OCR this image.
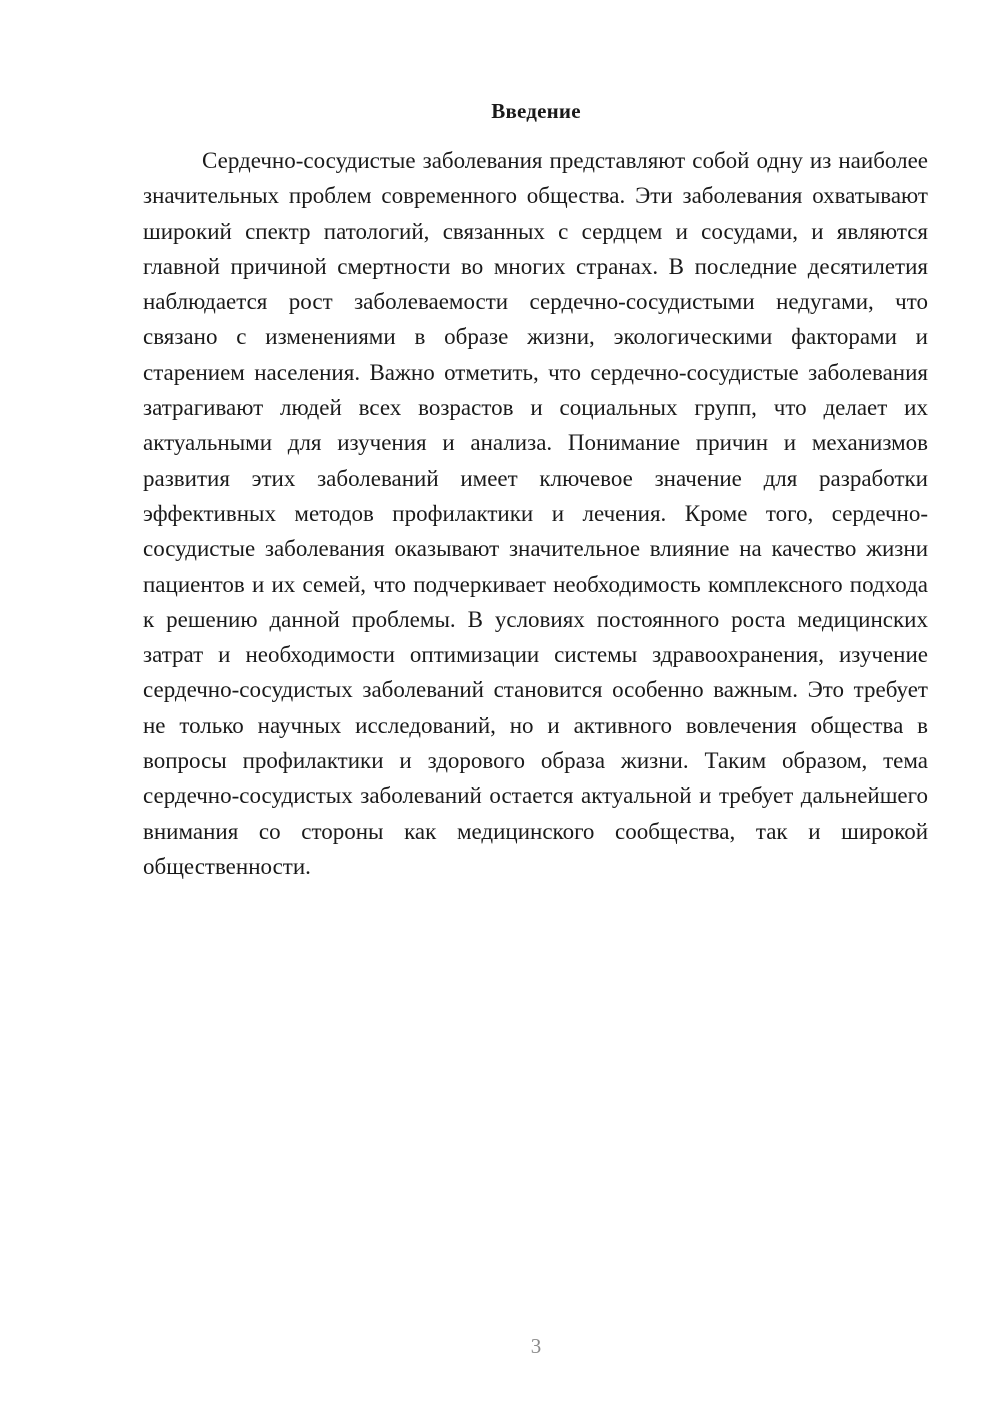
Введение

Сердечно-сосудистые заболевания представляют собой одну из наиболее значительных проблем современного общества. Эти заболевания охватывают широкий спектр патологий, связанных с сердцем и сосудами, и являются главной причиной смертности во многих странах. В последние десятилетия наблюдается рост заболеваемости сердечно-сосудистыми недугами, что связано с изменениями в образе жизни, экологическими факторами и старением населения. Важно отметить, что сердечно-сосудистые заболевания затрагивают людей всех возрастов и социальных групп, что делает их актуальными для изучения и анализа. Понимание причин и механизмов развития этих заболеваний имеет ключевое значение для разработки эффективных методов профилактики и лечения. Кроме того, сердечно-сосудистые заболевания оказывают значительное влияние на качество жизни пациентов и их семей, что подчеркивает необходимость комплексного подхода к решению данной проблемы. В условиях постоянного роста медицинских затрат и необходимости оптимизации системы здравоохранения, изучение сердечно-сосудистых заболеваний становится особенно важным. Это требует не только научных исследований, но и активного вовлечения общества в вопросы профилактики и здорового образа жизни. Таким образом, тема сердечно-сосудистых заболеваний остается актуальной и требует дальнейшего внимания со стороны как медицинского сообщества, так и широкой общественности.

3
